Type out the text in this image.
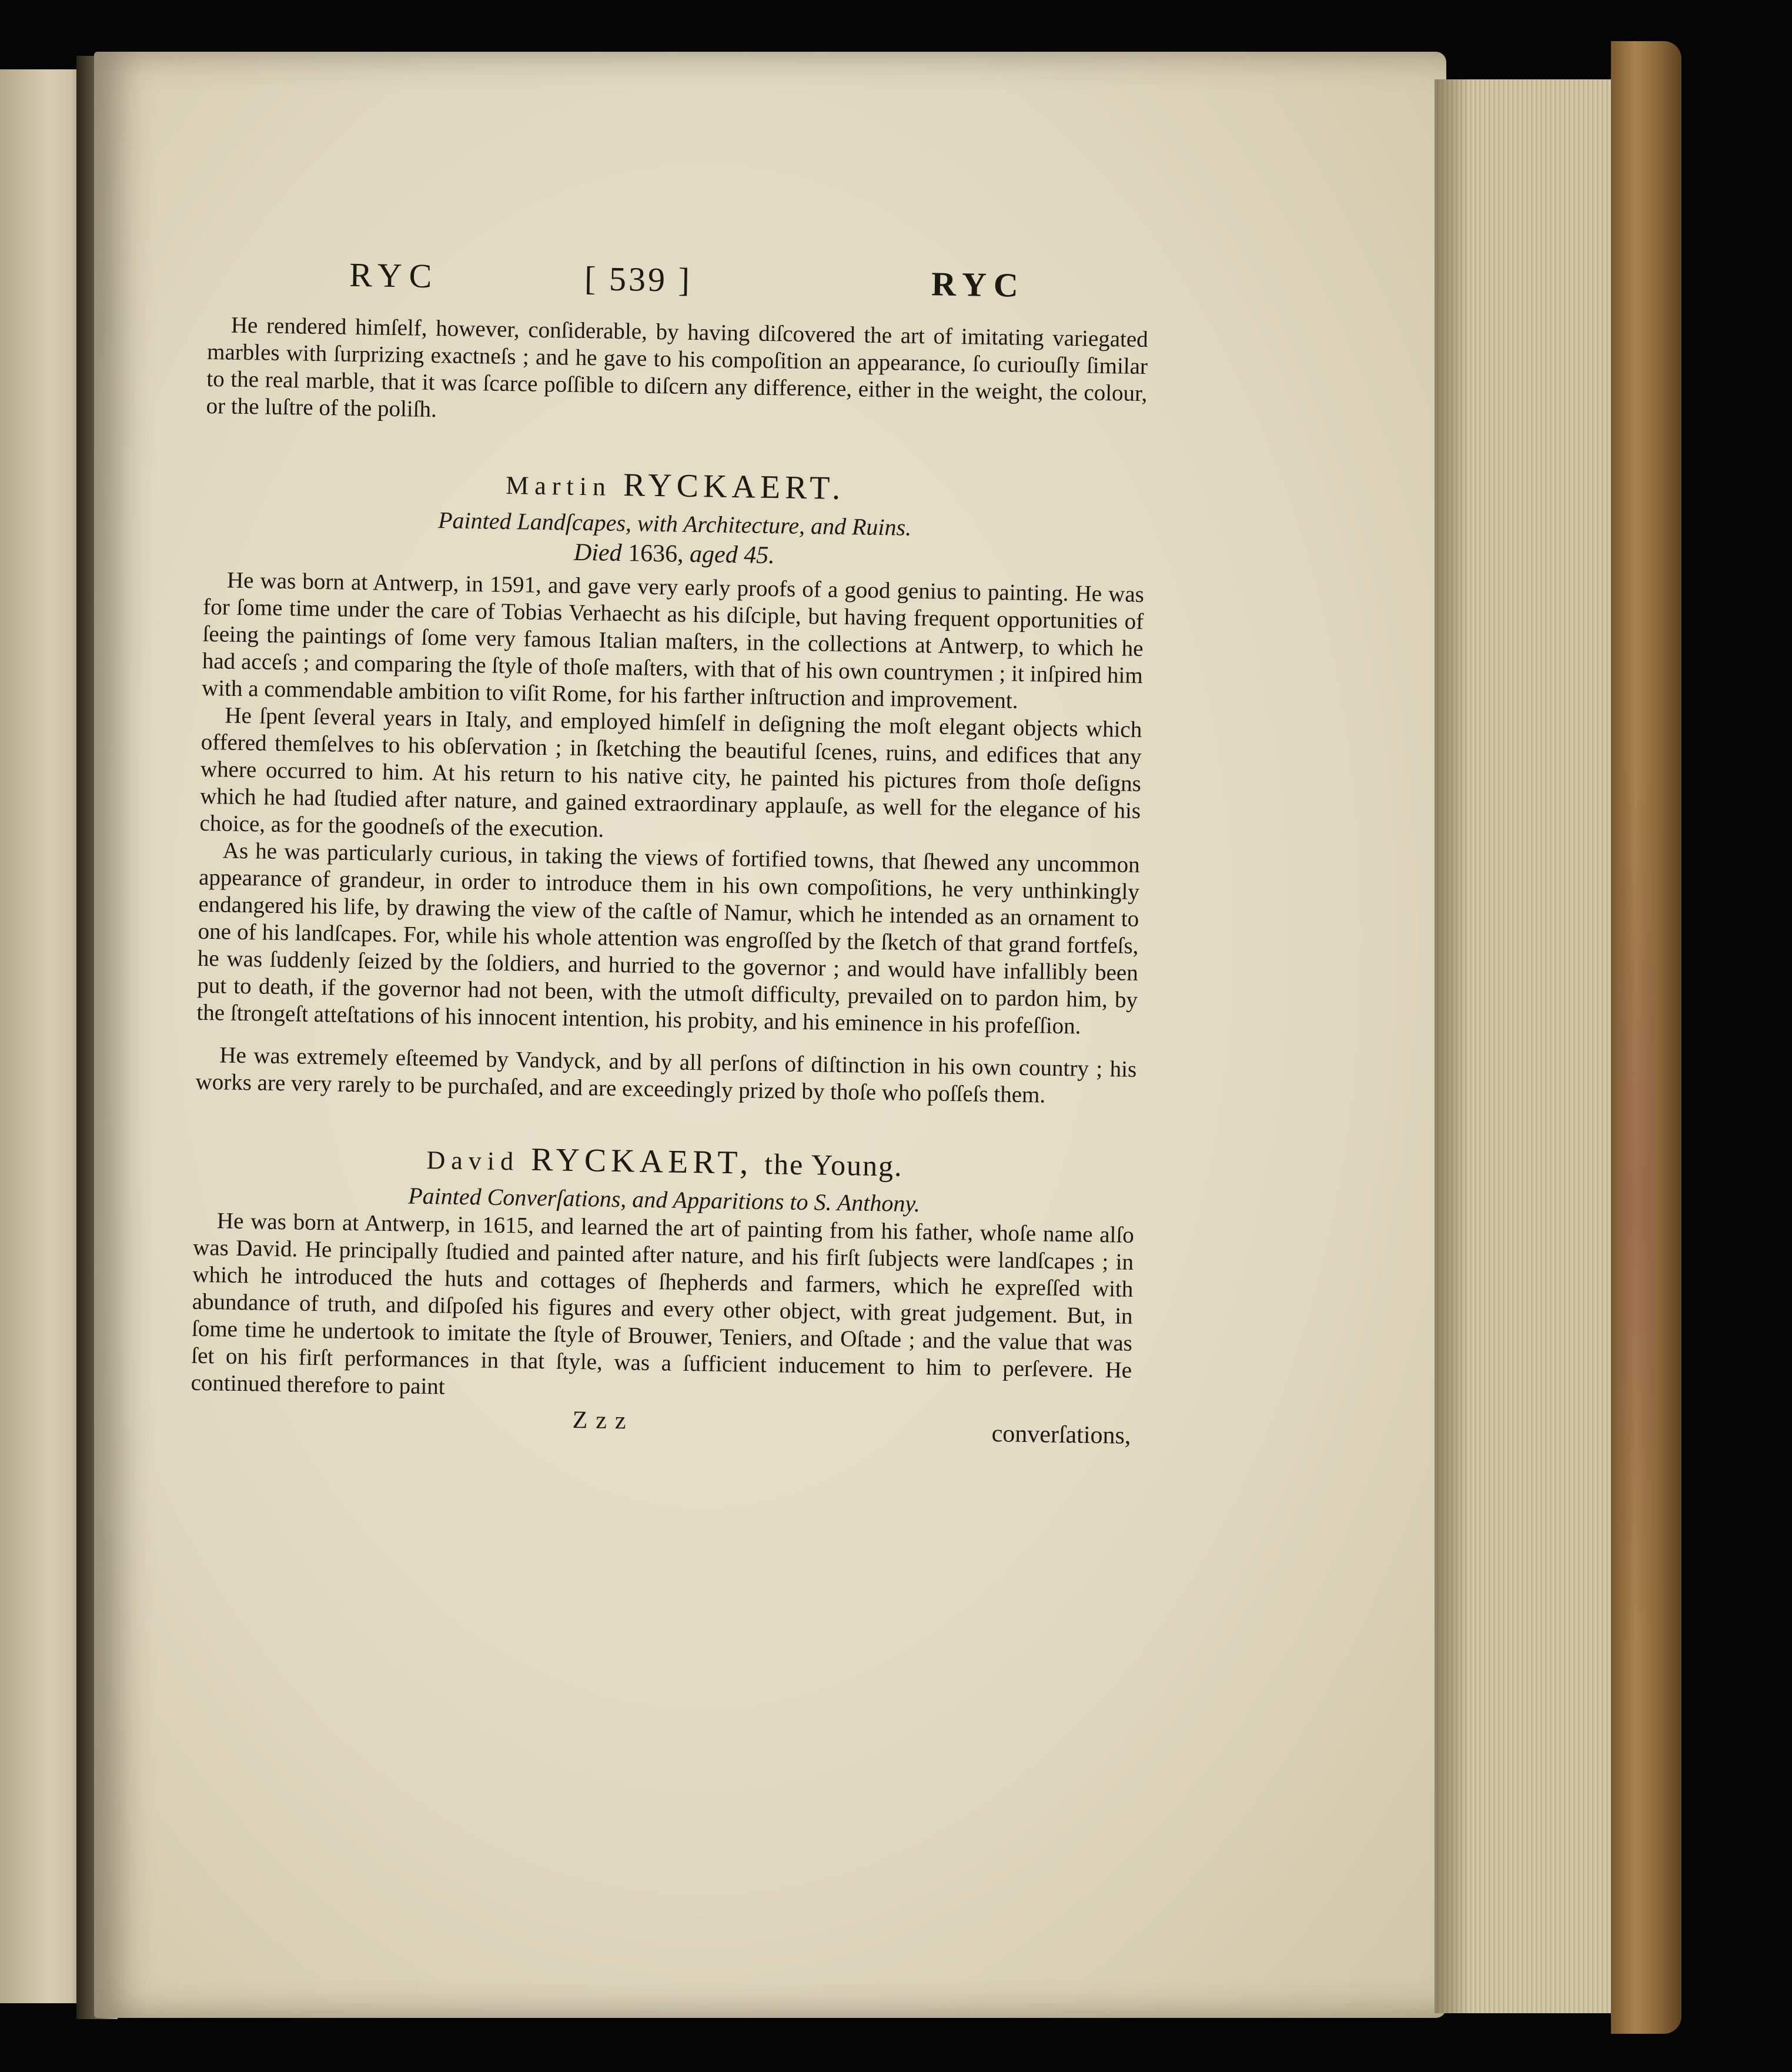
RYC	[ 539 ]	RYC

He rendered himſelf, however, conſiderable, by having diſcovered the art of imitating variegated marbles with ſurprizing exactneſs ; and he gave to his compoſition an appearance, ſo curiouſly ſimilar to the real marble, that it was ſcarce poſſible to diſcern any difference, either in the weight, the colour, or the luſtre of the poliſh.

Martin RYCKAERT.

Painted Landſcapes, with Architecture, and Ruins.

Died 1636, aged 45.

He was born at Antwerp, in 1591, and gave very early proofs of a good genius to painting. He was for ſome time under the care of Tobias Verhaecht as his diſciple, but having frequent opportunities of ſeeing the paintings of ſome very famous Italian maſters, in the collections at Antwerp, to which he had acceſs ; and comparing the ſtyle of thoſe maſters, with that of his own countrymen ; it inſpired him with a commendable ambition to viſit Rome, for his farther inſtruction and improvement.

He ſpent ſeveral years in Italy, and employed himſelf in deſigning the moſt elegant objects which offered themſelves to his obſervation ; in ſketching the beautiful ſcenes, ruins, and edifices that any where occurred to him. At his return to his native city, he painted his pictures from thoſe deſigns which he had ſtudied after nature, and gained extraordinary applauſe, as well for the elegance of his choice, as for the goodneſs of the execution.

As he was particularly curious, in taking the views of fortified towns, that ſhewed any uncommon appearance of grandeur, in order to introduce them in his own compoſitions, he very unthinkingly endangered his life, by drawing the view of the caſtle of Namur, which he intended as an ornament to one of his landſcapes. For, while his whole attention was engroſſed by the ſketch of that grand fortfeſs, he was ſuddenly ſeized by the ſoldiers, and hurried to the governor ; and would have infallibly been put to death, if the governor had not been, with the utmoſt difficulty, prevailed on to pardon him, by the ſtrongeſt atteſtations of his innocent intention, his probity, and his eminence in his profeſſion.

He was extremely eſteemed by Vandyck, and by all perſons of diſtinction in his own country ; his works are very rarely to be purchaſed, and are exceedingly prized by thoſe who poſſeſs them.

David RYCKAERT, the Young.

Painted Converſations, and Apparitions to S. Anthony.

He was born at Antwerp, in 1615, and learned the art of painting from his father, whoſe name alſo was David. He principally ſtudied and painted after nature, and his firſt ſubjects were landſcapes ; in which he introduced the huts and cottages of ſhepherds and farmers, which he expreſſed with abundance of truth, and diſpoſed his figures and every other object, with great judgement. But, in ſome time he undertook to imitate the ſtyle of Brouwer, Teniers, and Oſtade ; and the value that was ſet on his firſt performances in that ſtyle, was a ſufficient inducement to him to perſevere. He continued therefore to paint

Zzz	converſations,
